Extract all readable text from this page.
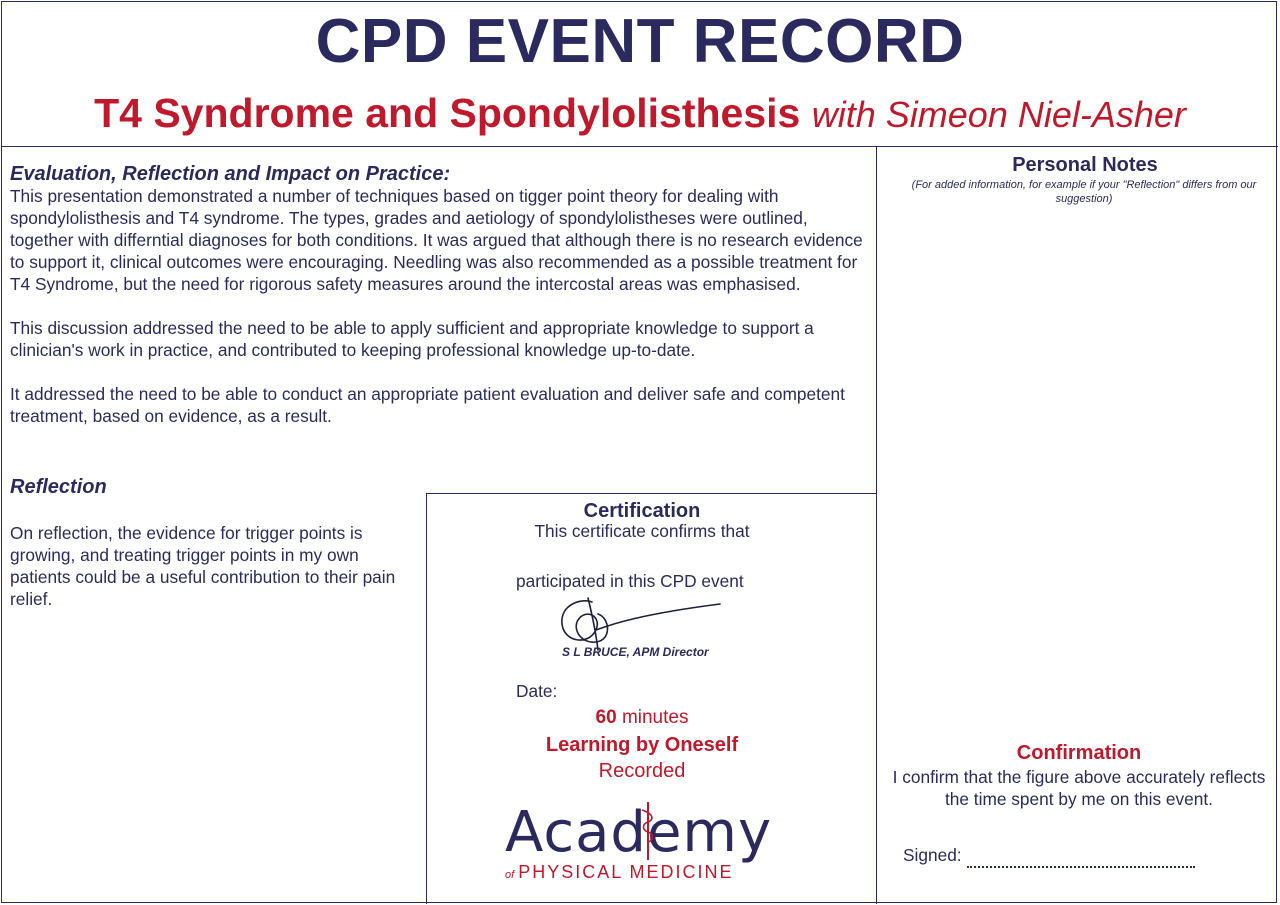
CPD EVENT RECORD
T4 Syndrome and Spondylolisthesis with Simeon Niel-Asher
Evaluation, Reflection and Impact on Practice:

This presentation demonstrated a number of techniques based on tigger point theory for dealing with spondylolisthesis and T4 syndrome. The types, grades and aetiology of spondylolistheses were outlined, together with differntial diagnoses for both conditions. It was argued that although there is no research evidence to support it, clinical outcomes were encouraging. Needling was also recommended as a possible treatment for T4 Syndrome, but the need for rigorous safety measures around the intercostal areas was emphasised.

This discussion addressed the need to be able to apply sufficient and appropriate knowledge to support a clinician's work in practice, and contributed to keeping professional knowledge up-to-date.

It addressed the need to be able to conduct an appropriate patient evaluation and deliver safe and competent treatment, based on evidence, as a result.

Reflection
On reflection, the evidence for trigger points is growing, and treating trigger points in my own patients could be a useful contribution to their pain relief.
Personal Notes
(For added information, for example if your "Reflection" differs from our suggestion)
Certification
This certificate confirms that
participated in this CPD event
S L BRUCE, APM Director
Date:
60 minutes
Learning by Oneself
Recorded
Academy
of PHYSICAL MEDICINE
Confirmation
I confirm that the figure above accurately reflects the time spent by me on this event.
Signed:
